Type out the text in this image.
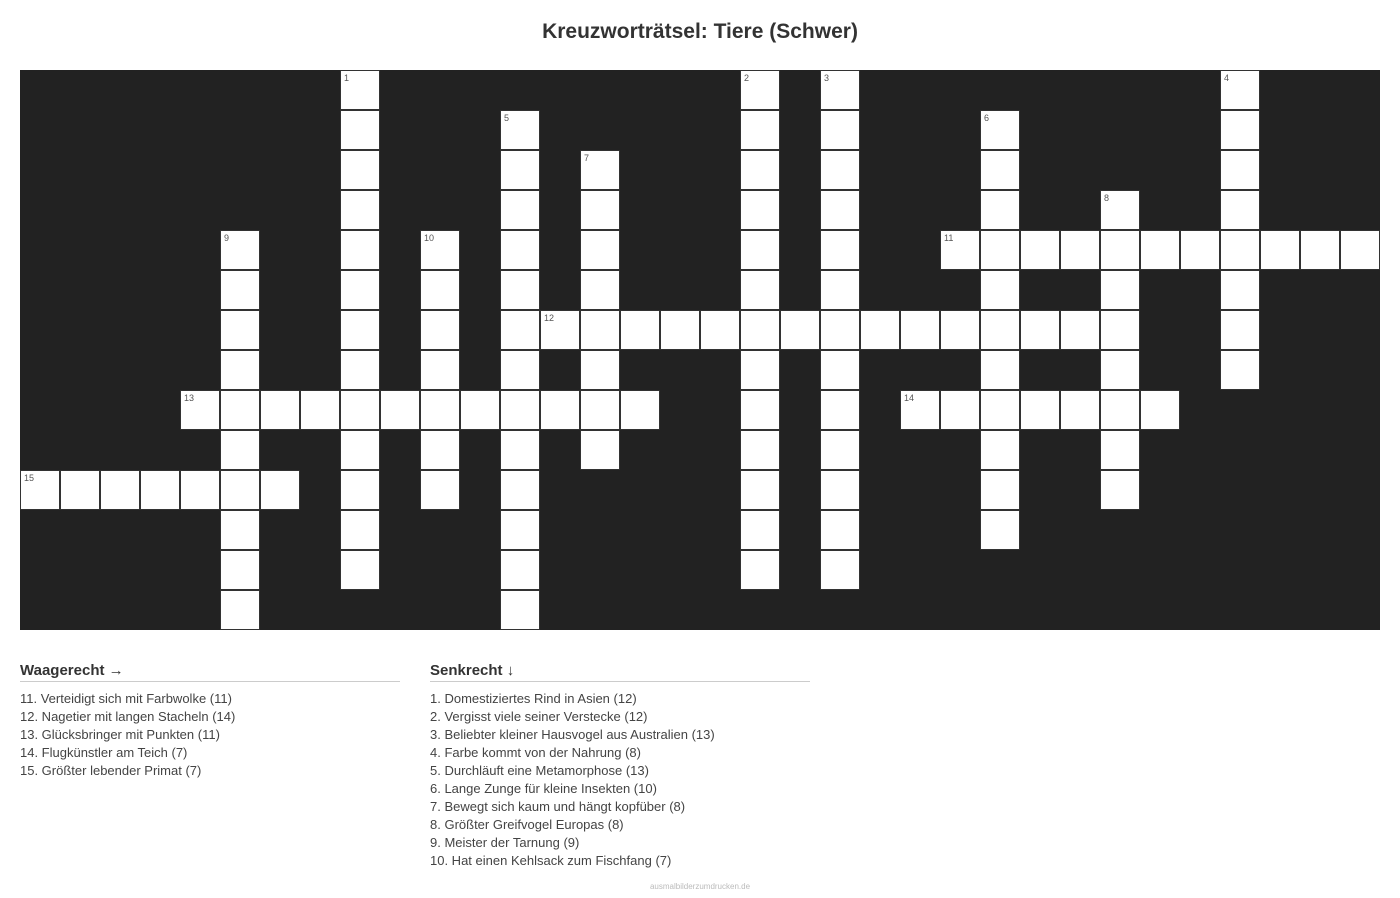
Kreuzworträtsel: Tiere (Schwer)
1	2	3	4
5	6
7
8
9	10	11
12
13	14
15
Waagerecht →
11. Verteidigt sich mit Farbwolke (11)
12. Nagetier mit langen Stacheln (14)
13. Glücksbringer mit Punkten (11)
14. Flugkünstler am Teich (7)
15. Größter lebender Primat (7)
Senkrecht ↓
1. Domestiziertes Rind in Asien (12)
2. Vergisst viele seiner Verstecke (12)
3. Beliebter kleiner Hausvogel aus Australien (13)
4. Farbe kommt von der Nahrung (8)
5. Durchläuft eine Metamorphose (13)
6. Lange Zunge für kleine Insekten (10)
7. Bewegt sich kaum und hängt kopfüber (8)
8. Größter Greifvogel Europas (8)
9. Meister der Tarnung (9)
10. Hat einen Kehlsack zum Fischfang (7)
ausmalbilderzumdrucken.de
